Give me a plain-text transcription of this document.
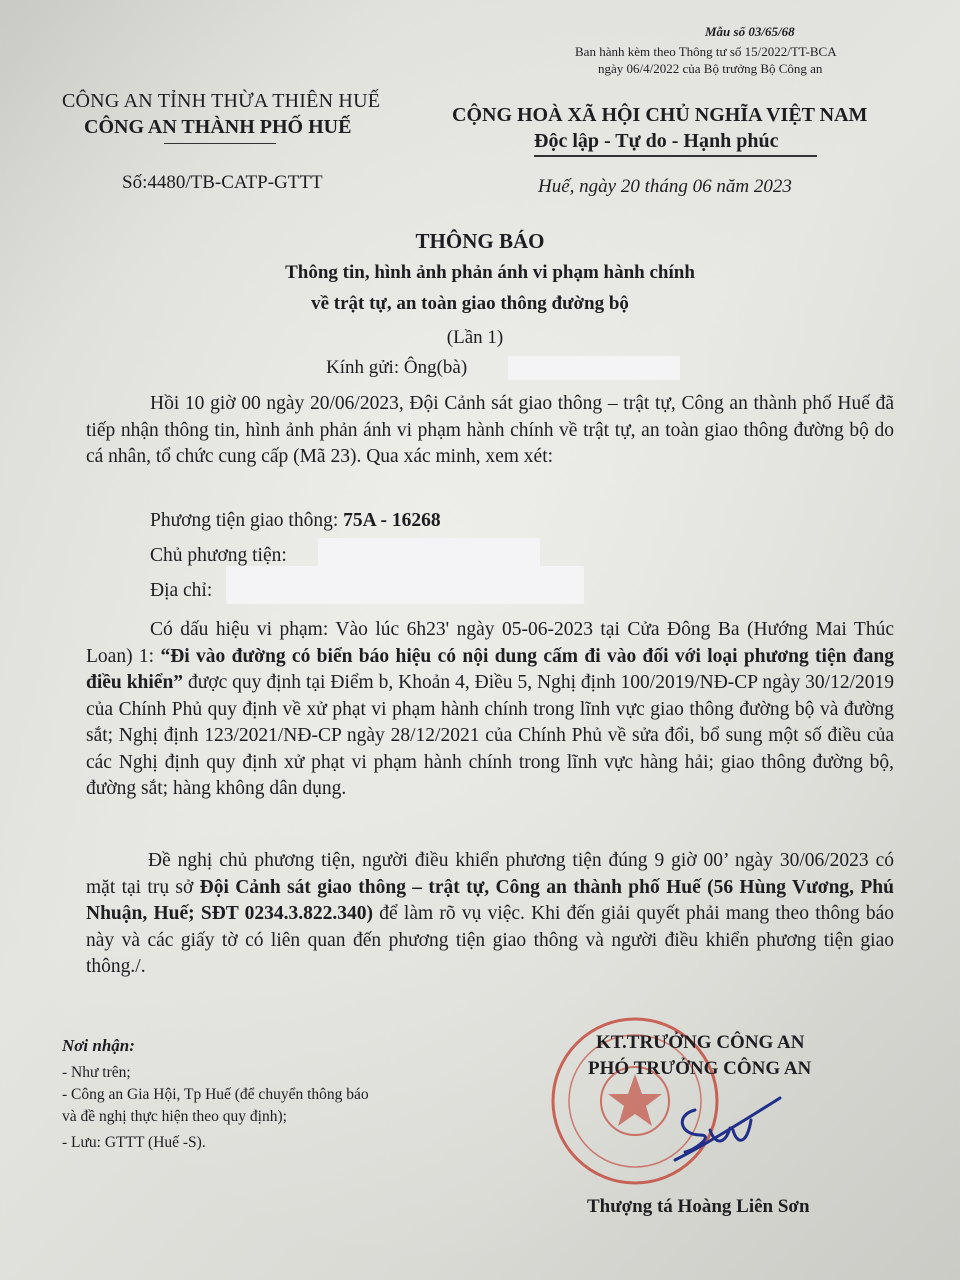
Mẫu số 03/65/68
Ban hành kèm theo Thông tư số 15/2022/TT-BCA
ngày 06/4/2022 của Bộ trưởng Bộ Công an
CÔNG AN TỈNH THỪA THIÊN HUẾ
CÔNG AN THÀNH PHỐ HUẾ
Số:4480/TB-CATP-GTTT
CỘNG HOÀ XÃ HỘI CHỦ NGHĨA VIỆT NAM
Độc lập - Tự do - Hạnh phúc
Huế, ngày 20 tháng 06 năm 2023
THÔNG BÁO
Thông tin, hình ảnh phản ánh vi phạm hành chính
về trật tự, an toàn giao thông đường bộ
(Lần 1)
Kính gửi: Ông(bà)

Hồi 10 giờ 00 ngày 20/06/2023, Đội Cảnh sát giao thông – trật tự, Công an thành phố Huế đã tiếp nhận thông tin, hình ảnh phản ánh vi phạm hành chính về trật tự, an toàn giao thông đường bộ do cá nhân, tổ chức cung cấp (Mã 23). Qua xác minh, xem xét:

Phương tiện giao thông: 75A - 16268
Chủ phương tiện:
Địa chỉ:

Có dấu hiệu vi phạm: Vào lúc 6h23' ngày 05-06-2023 tại Cửa Đông Ba (Hướng Mai Thúc Loan) 1: “Đi vào đường có biển báo hiệu có nội dung cấm đi vào đối với loại phương tiện đang điều khiển” được quy định tại Điểm b, Khoản 4, Điều 5, Nghị định 100/2019/NĐ-CP ngày 30/12/2019 của Chính Phủ quy định về xử phạt vi phạm hành chính trong lĩnh vực giao thông đường bộ và đường sắt; Nghị định 123/2021/NĐ-CP ngày 28/12/2021 của Chính Phủ về sửa đổi, bổ sung một số điều của các Nghị định quy định xử phạt vi phạm hành chính trong lĩnh vực hàng hải; giao thông đường bộ, đường sắt; hàng không dân dụng.

Đề nghị chủ phương tiện, người điều khiển phương tiện đúng 9 giờ 00’ ngày 30/06/2023 có mặt tại trụ sở Đội Cảnh sát giao thông – trật tự, Công an thành phố Huế (56 Hùng Vương, Phú Nhuận, Huế; SĐT 0234.3.822.340) để làm rõ vụ việc. Khi đến giải quyết phải mang theo thông báo này và các giấy tờ có liên quan đến phương tiện giao thông và người điều khiển phương tiện giao thông./.

Nơi nhận:
- Như trên;
- Công an Gia Hội, Tp Huế (để chuyển thông báo
và đề nghị thực hiện theo quy định);
- Lưu: GTTT (Huế -S).
KT.TRƯỞNG CÔNG AN
PHÓ TRƯỞNG CÔNG AN
Thượng tá Hoàng Liên Sơn
